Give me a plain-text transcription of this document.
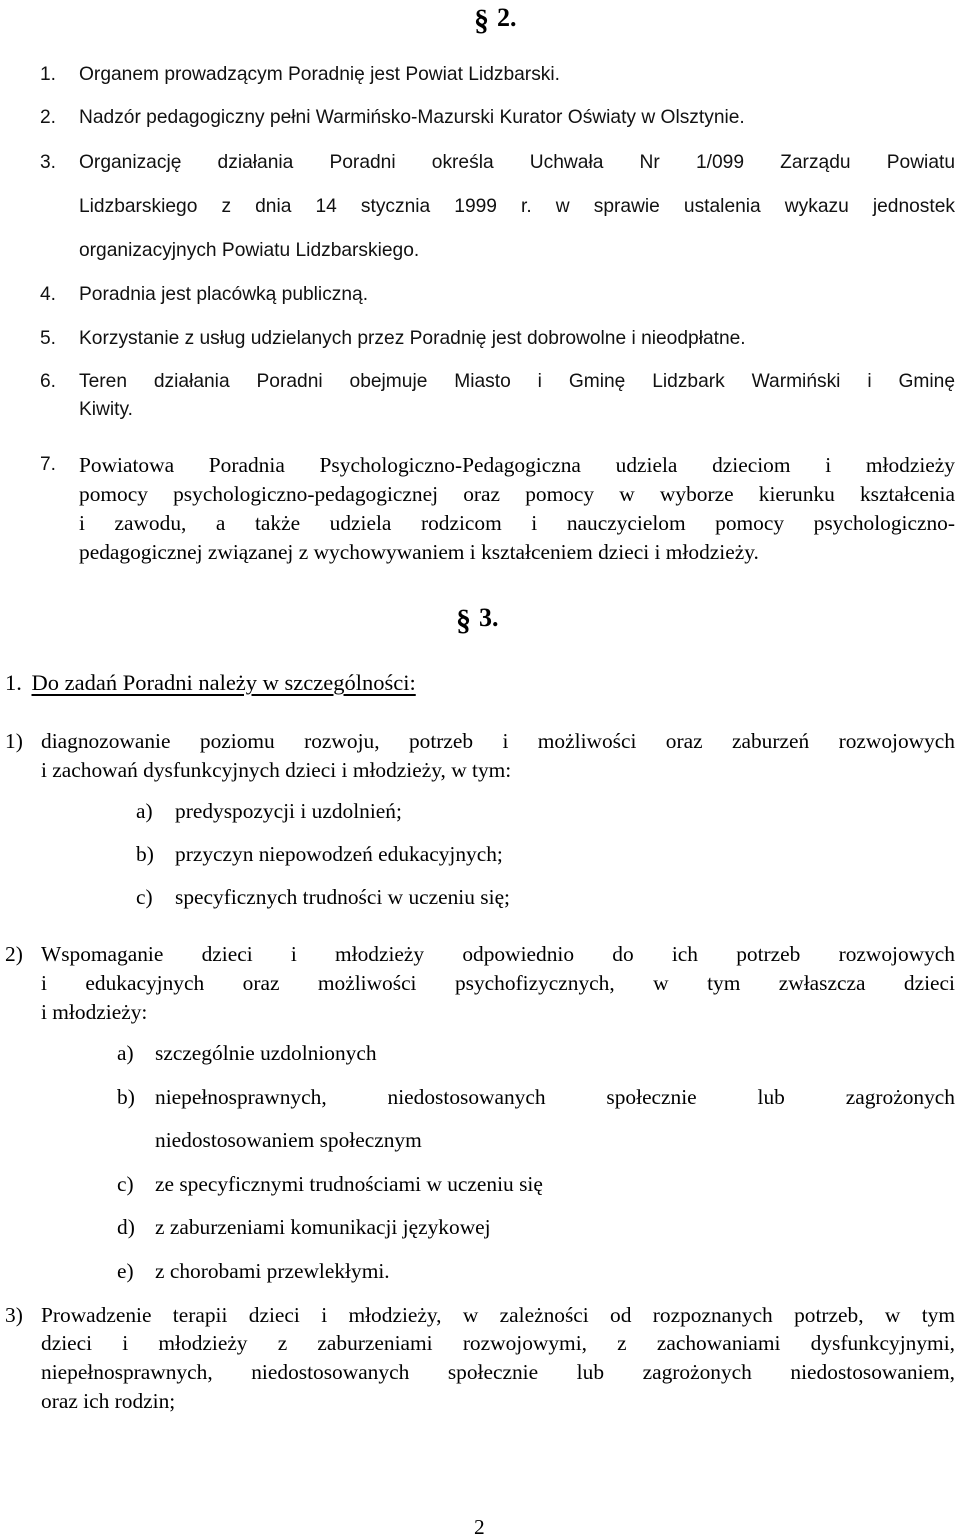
§ 2.
1. Organem prowadzącym Poradnię jest Powiat Lidzbarski.
2. Nadzór pedagogiczny pełni Warmińsko-Mazurski Kurator Oświaty w Olsztynie.
3. Organizację działania Poradni określa Uchwała Nr 1/099 Zarządu Powiatu
Lidzbarskiego z dnia 14 stycznia 1999 r. w sprawie ustalenia wykazu jednostek
organizacyjnych Powiatu Lidzbarskiego.
4. Poradnia jest placówką publiczną.
5. Korzystanie z usług udzielanych przez Poradnię jest dobrowolne i nieodpłatne.
6. Teren działania Poradni obejmuje Miasto i Gminę Lidzbark Warmiński i Gminę
Kiwity.
7. Powiatowa Poradnia Psychologiczno-Pedagogiczna udziela dzieciom i młodzieży
pomocy psychologiczno-pedagogicznej oraz pomocy w wyborze kierunku kształcenia
i zawodu, a także udziela rodzicom i nauczycielom pomocy psychologiczno-
pedagogicznej związanej z wychowywaniem i kształceniem dzieci i młodzieży.
§ 3.
1. Do zadań Poradni należy w szczególności:
1) diagnozowanie poziomu rozwoju, potrzeb i możliwości oraz zaburzeń rozwojowych
i zachowań dysfunkcyjnych dzieci i młodzieży, w tym:
a) predyspozycji i uzdolnień;
b) przyczyn niepowodzeń edukacyjnych;
c) specyficznych trudności w uczeniu się;
2) Wspomaganie dzieci i młodzieży odpowiednio do ich potrzeb rozwojowych
i edukacyjnych oraz możliwości psychofizycznych, w tym zwłaszcza dzieci
i młodzieży:
a) szczególnie uzdolnionych
b) niepełnosprawnych, niedostosowanych społecznie lub zagrożonych
niedostosowaniem społecznym
c) ze specyficznymi trudnościami w uczeniu się
d) z zaburzeniami komunikacji językowej
e) z chorobami przewlekłymi.
3) Prowadzenie terapii dzieci i młodzieży, w zależności od rozpoznanych potrzeb, w tym
dzieci i młodzieży z zaburzeniami rozwojowymi, z zachowaniami dysfunkcyjnymi,
niepełnosprawnych, niedostosowanych społecznie lub zagrożonych niedostosowaniem,
oraz ich rodzin;
2
